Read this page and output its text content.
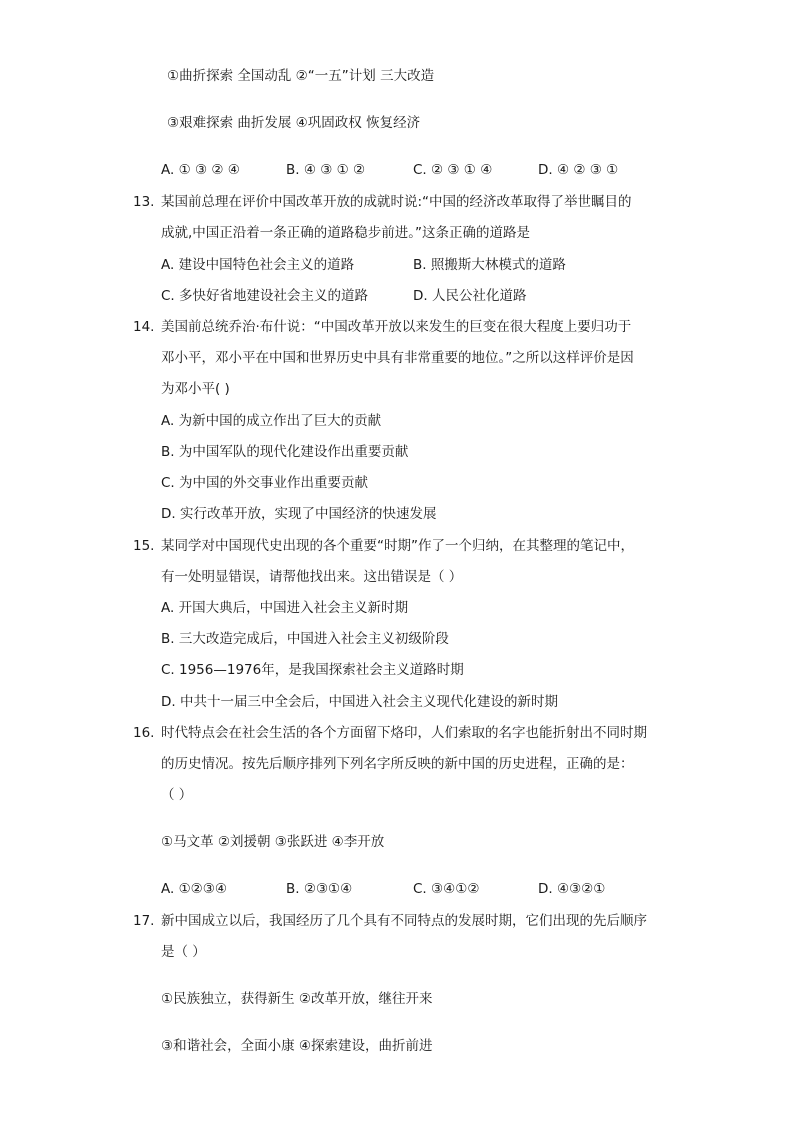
①曲折探索 全国动乱 ②“一五”计划 三大改造
③艰难探索 曲折发展 ④巩固政权 恢复经济
A. ① ③ ② ④	B. ④ ③ ① ②	C. ② ③ ① ④	D. ④ ② ③ ①
13. 某国前总理在评价中国改革开放的成就时说:“中国的经济改革取得了举世瞩目的
成就,中国正沿着一条正确的道路稳步前进。”这条正确的道路是
A. 建设中国特色社会主义的道路	B. 照搬斯大林模式的道路
C. 多快好省地建设社会主义的道路	D. 人民公社化道路
14. 美国前总统乔治·布什说：“中国改革开放以来发生的巨变在很大程度上要归功于
邓小平，邓小平在中国和世界历史中具有非常重要的地位。”之所以这样评价是因
为邓小平( )
A. 为新中国的成立作出了巨大的贡献
B. 为中国军队的现代化建设作出重要贡献
C. 为中国的外交事业作出重要贡献
D. 实行改革开放，实现了中国经济的快速发展
15. 某同学对中国现代史出现的各个重要“时期”作了一个归纳，在其整理的笔记中，
有一处明显错误，请帮他找出来。这出错误是（ ）
A. 开国大典后，中国进入社会主义新时期
B. 三大改造完成后，中国进入社会主义初级阶段
C. 1956—1976年，是我国探索社会主义道路时期
D. 中共十一届三中全会后，中国进入社会主义现代化建设的新时期
16. 时代特点会在社会生活的各个方面留下烙印，人们索取的名字也能折射出不同时期
的历史情况。按先后顺序排列下列名字所反映的新中国的历史进程，正确的是：
（ ）
①马文革 ②刘援朝 ③张跃进 ④李开放
A. ①②③④	B. ②③①④	C. ③④①②	D. ④③②①
17. 新中国成立以后，我国经历了几个具有不同特点的发展时期，它们出现的先后顺序
是（ ）
①民族独立，获得新生 ②改革开放，继往开来
③和谐社会，全面小康 ④探索建设，曲折前进
